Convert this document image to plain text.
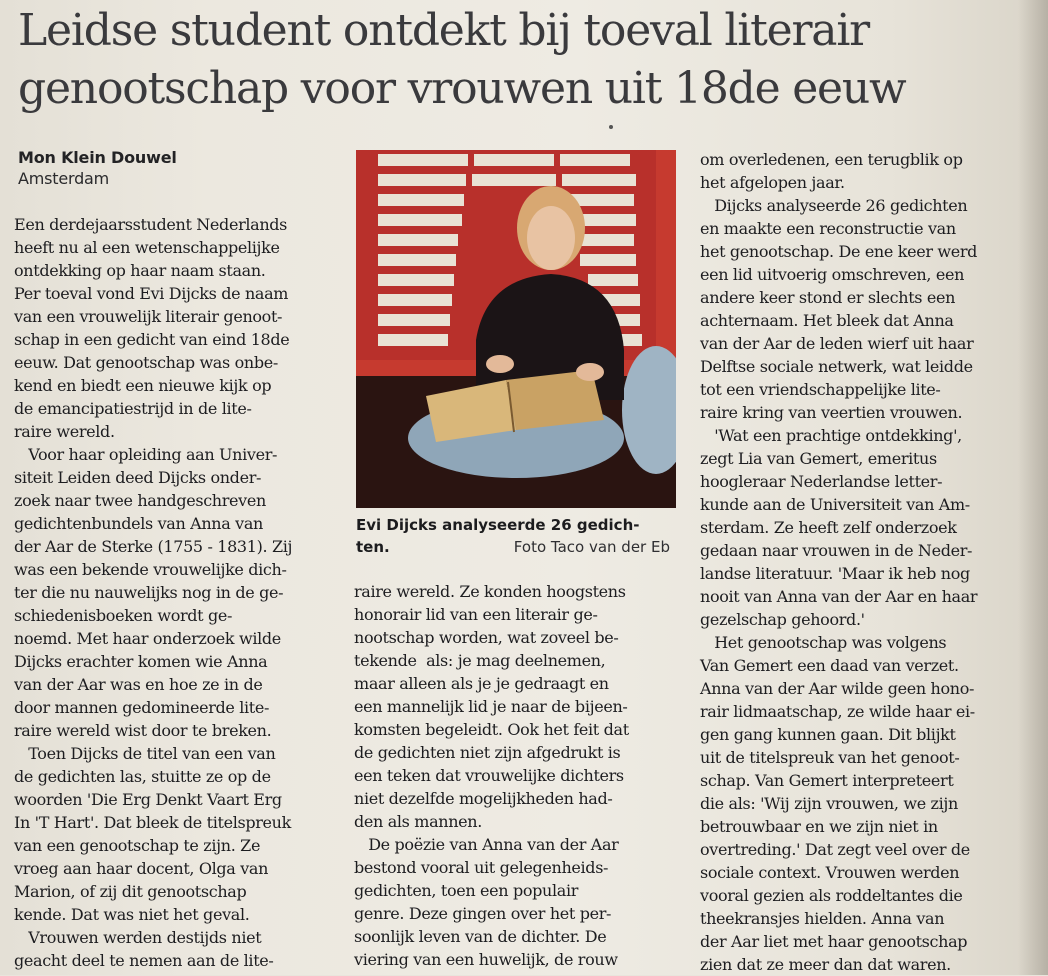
Leidse student ontdekt bij toeval literair
genootschap voor vrouwen uit 18de eeuw
Mon Klein Douwel
Amsterdam

Een derdejaarsstudent Nederlands

heeft nu al een wetenschappelijke

ontdekking op haar naam staan.

Per toeval vond Evi Dijcks de naam

van een vrouwelijk literair genoot-

schap in een gedicht van eind 18de

eeuw. Dat genootschap was onbe-

kend en biedt een nieuwe kijk op

de emancipatiestrijd in de lite-

raire wereld.

Voor haar opleiding aan Univer-

siteit Leiden deed Dijcks onder-

zoek naar twee handgeschreven

gedichtenbundels van Anna van

der Aar de Sterke (1755 - 1831). Zij

was een bekende vrouwelijke dich-

ter die nu nauwelijks nog in de ge-

schiedenisboeken wordt ge-

noemd. Met haar onderzoek wilde

Dijcks erachter komen wie Anna

van der Aar was en hoe ze in de

door mannen gedomineerde lite-

raire wereld wist door te breken.

Toen Dijcks de titel van een van

de gedichten las, stuitte ze op de

woorden 'Die Erg Denkt Vaart Erg

In 'T Hart'. Dat bleek de titelspreuk

van een genootschap te zijn. Ze

vroeg aan haar docent, Olga van

Marion, of zij dit genootschap

kende. Dat was niet het geval.

Vrouwen werden destijds niet

geacht deel te nemen aan de lite-

Evi Dijcks analyseerde 26 gedich-
ten.	Foto Taco van der Eb

raire wereld. Ze konden hoogstens

honorair lid van een literair ge-

nootschap worden, wat zoveel be-

tekende  als: je mag deelnemen,

maar alleen als je je gedraagt en

een mannelijk lid je naar de bijeen-

komsten begeleidt. Ook het feit dat

de gedichten niet zijn afgedrukt is

een teken dat vrouwelijke dichters

niet dezelfde mogelijkheden had-

den als mannen.

De poëzie van Anna van der Aar

bestond vooral uit gelegenheids-

gedichten, toen een populair

genre. Deze gingen over het per-

soonlijk leven van de dichter. De

viering van een huwelijk, de rouw

om overledenen, een terugblik op

het afgelopen jaar.

Dijcks analyseerde 26 gedichten

en maakte een reconstructie van

het genootschap. De ene keer werd

een lid uitvoerig omschreven, een

andere keer stond er slechts een

achternaam. Het bleek dat Anna

van der Aar de leden wierf uit haar

Delftse sociale netwerk, wat leidde

tot een vriendschappelijke lite-

raire kring van veertien vrouwen.

'Wat een prachtige ontdekking',

zegt Lia van Gemert, emeritus

hoogleraar Nederlandse letter-

kunde aan de Universiteit van Am-

sterdam. Ze heeft zelf onderzoek

gedaan naar vrouwen in de Neder-

landse literatuur. 'Maar ik heb nog

nooit van Anna van der Aar en haar

gezelschap gehoord.'

Het genootschap was volgens

Van Gemert een daad van verzet.

Anna van der Aar wilde geen hono-

rair lidmaatschap, ze wilde haar ei-

gen gang kunnen gaan. Dit blijkt

uit de titelspreuk van het genoot-

schap. Van Gemert interpreteert

die als: 'Wij zijn vrouwen, we zijn

betrouwbaar en we zijn niet in

overtreding.' Dat zegt veel over de

sociale context. Vrouwen werden

vooral gezien als roddeltantes die

theekransjes hielden. Anna van

der Aar liet met haar genootschap

zien dat ze meer dan dat waren.
